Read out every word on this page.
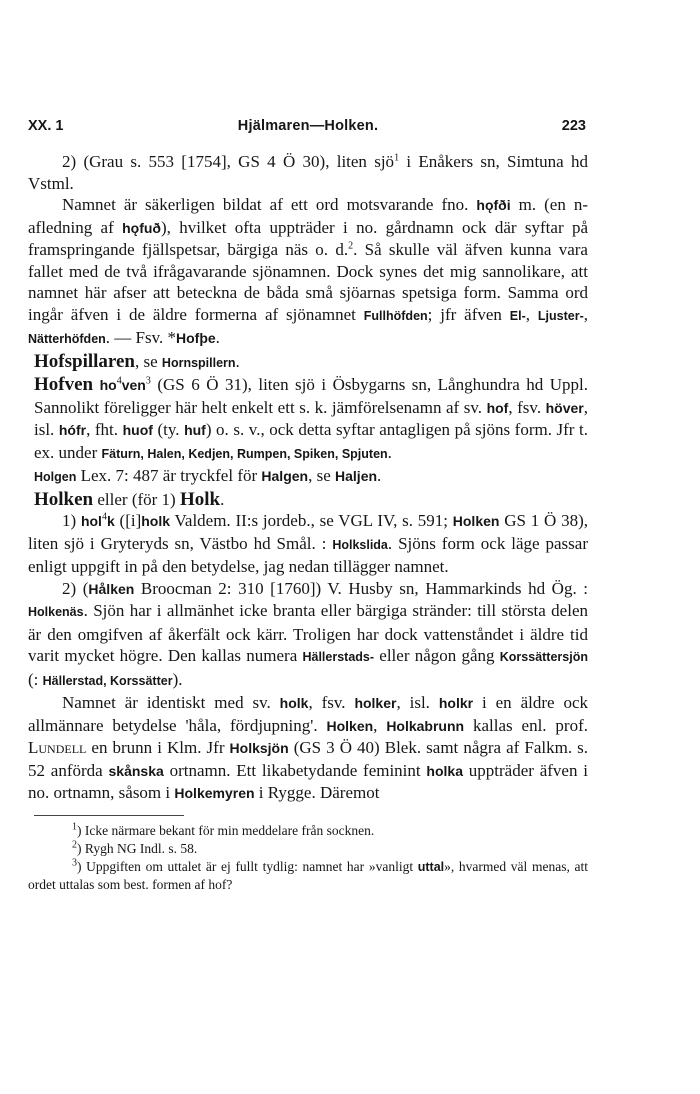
XX. 1	Hjälmaren—Holken.	223

2) (Grau s. 553 [1754], GS 4 Ö 30), liten sjö$^1$ i Enåkers sn, Simtuna hd Vstml.

Namnet är säkerligen bildat af ett ord motsvarande fno. hǫfði m. (en n-afledning af hǫfuð), hvilket ofta uppträder i no. gårdnamn ock där syftar på framspringande fjällspetsar, bärgiga näs o. d.$^2$. Så skulle väl äfven kunna vara fallet med de två ifrågavarande sjönamnen. Dock synes det mig sannolikare, att namnet här afser att beteckna de båda små sjöarnas spetsiga form. Samma ord ingår äfven i de äldre formerna af sjönamnet Fullhöfden; jfr äfven El-, Ljuster-, Nätterhöfden. — Fsv. *Hofþe.

Hofspillaren, se Hornspillern.

Hofven $ho^4ven^3$ (GS 6 Ö 31), liten sjö i Ösbygarns sn, Långhundra hd Uppl. Sannolikt föreligger här helt enkelt ett s. k. jämförelsenamn af sv. hof, fsv. höver, isl. hófr, fht. huof (ty. huf) o. s. v., ock detta syftar antagligen på sjöns form. Jfr t. ex. under Fäturn, Halen, Kedjen, Rumpen, Spiken, Spjuten.

Holgen Lex. 7: 487 är tryckfel för Halgen, se Haljen.

Holken eller (för 1) Holk.

1) hol$^4$k ([i]holk Valdem. II:s jordeb., se VGL IV, s. 591; Holken GS 1 Ö 38), liten sjö i Gryteryds sn, Västbo hd Smål. : Holkslida. Sjöns form ock läge passar enligt uppgift in på den betydelse, jag nedan tillägger namnet.

2) (Hålken Broocman 2: 310 [1760]) V. Husby sn, Hammarkinds hd Ög. : Holkenäs. Sjön har i allmänhet icke branta eller bärgiga stränder: till största delen är den omgifven af åkerfält ock kärr. Troligen har dock vattenståndet i äldre tid varit mycket högre. Den kallas numera Hällerstads- eller någon gång Korssättersjön (: Hällerstad, Korssätter).

Namnet är identiskt med sv. holk, fsv. holker, isl. holkr i en äldre ock allmännare betydelse 'håla, fördjupning'. Holken, Holkabrunn kallas enl. prof. Lundell en brunn i Klm. Jfr Holksjön (GS 3 Ö 40) Blek. samt några af Falkm. s. 52 anförda skånska ortnamn. Ett likabetydande feminint holka uppträder äfven i no. ortnamn, såsom i Holkemyren i Rygge. Däremot

$^1$) Icke närmare bekant för min meddelare från socknen.

$^2$) Rygh NG Indl. s. 58.

$^3$) Uppgiften om uttalet är ej fullt tydlig: namnet har »vanligt uttal», hvarmed väl menas, att ordet uttalas som best. formen af hof?
